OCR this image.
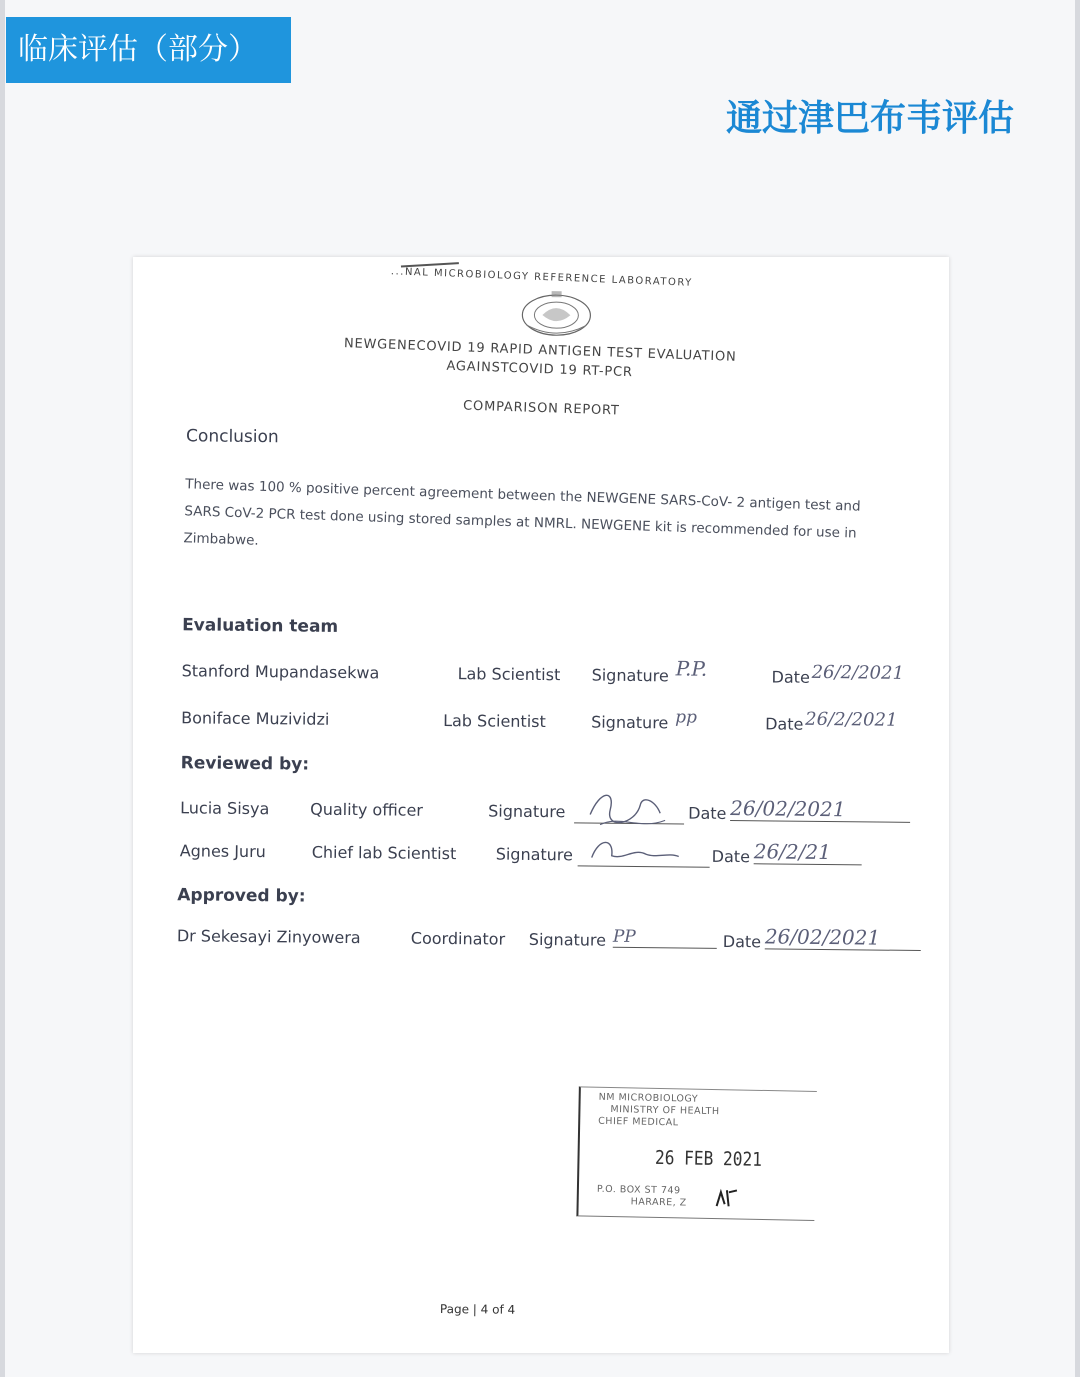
临床评估（部分）
通过津巴布韦评估
...NAL MICROBIOLOGY REFERENCE LABORATORY
NEWGENECOVID 19 RAPID ANTIGEN TEST EVALUATION
AGAINSTCOVID 19 RT-PCR
COMPARISON REPORT
Conclusion
There was 100 % positive percent agreement between the NEWGENE SARS-CoV- 2 antigen test and SARS CoV-2 PCR test done using stored samples at NMRL. NEWGENE kit is recommended for use in Zimbabwe.
Evaluation team
Stanford Mupandasekwa	Lab Scientist Signature P.P.	Date 26/2/2021
Boniface Muzividzi	Lab Scientist	Signature pp	Date 26/2/2021
Reviewed by:
Lucia Sisya	Quality officer	Signature	Date 26/02/2021
Agnes Juru	Chief lab Scientist Signature	Date 26/2/21
Approved by:
Dr Sekesayi Zinyowera	Coordinator Signature PP	Date 26/02/2021
NM MICROBIOLOGY
MINISTRY OF HEALTH
CHIEF MEDICAL
26 FEB 2021
P.O. BOX ST 749
HARARE, Z
Page | 4 of 4
